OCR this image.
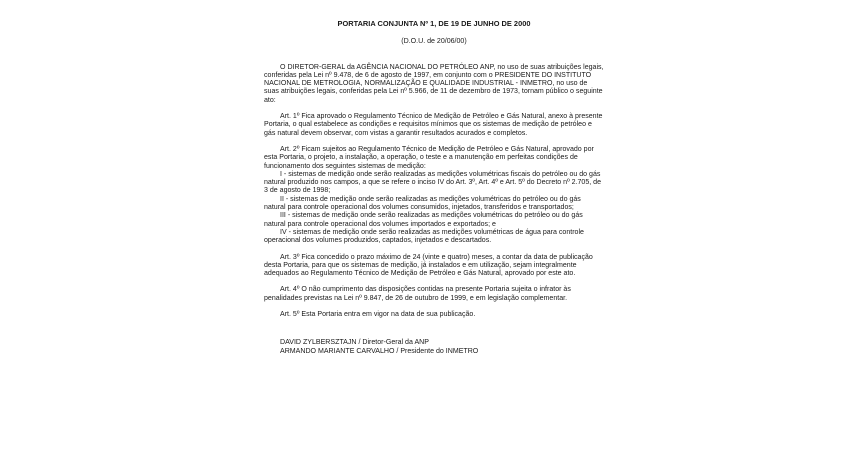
PORTARIA CONJUNTA Nº 1, DE 19 DE JUNHO DE 2000

(D.O.U. de 20/06/00)

O DIRETOR-GERAL da AGÊNCIA NACIONAL DO PETRÓLEO ANP, no uso de suas atribuições legais, conferidas pela Lei nº 9.478, de 6 de agosto de 1997, em conjunto com o PRESIDENTE DO INSTITUTO NACIONAL DE METROLOGIA, NORMALIZAÇÃO E QUALIDADE INDUSTRIAL - INMETRO, no uso de suas atribuições legais, conferidas pela Lei nº 5.966, de 11 de dezembro de 1973, tornam público o seguinte ato:

Art. 1º Fica aprovado o Regulamento Técnico de Medição de Petróleo e Gás Natural, anexo à presente Portaria, o qual estabelece as condições e requisitos mínimos que os sistemas de medição de petróleo e gás natural devem observar, com vistas a garantir resultados acurados e completos.

Art. 2º Ficam sujeitos ao Regulamento Técnico de Medição de Petróleo e Gás Natural, aprovado por esta Portaria, o projeto, a instalação, a operação, o teste e a manutenção em perfeitas condições de funcionamento dos seguintes sistemas de medição:

I - sistemas de medição onde serão realizadas as medições volumétricas fiscais do petróleo ou do gás natural produzido nos campos, a que se refere o inciso IV do Art. 3º, Art. 4º e Art. 5º do Decreto nº 2.705, de 3 de agosto de 1998;

II - sistemas de medição onde serão realizadas as medições volumétricas do petróleo ou do gás natural para controle operacional dos volumes consumidos, injetados, transferidos e transportados;

III - sistemas de medição onde serão realizadas as medições volumétricas do petróleo ou do gás natural para controle operacional dos volumes importados e exportados; e

IV - sistemas de medição onde serão realizadas as medições volumétricas de água para controle operacional dos volumes produzidos, captados, injetados e descartados.

Art. 3º Fica concedido o prazo máximo de 24 (vinte e quatro) meses, a contar da data de publicação desta Portaria, para que os sistemas de medição, já instalados e em utilização, sejam integralmente adequados ao Regulamento Técnico de Medição de Petróleo e Gás Natural, aprovado por este ato.

Art. 4º O não cumprimento das disposições contidas na presente Portaria sujeita o infrator às penalidades previstas na Lei nº 9.847, de 26 de outubro de 1999, e em legislação complementar.

Art. 5º Esta Portaria entra em vigor na data de sua publicação.

DAVID ZYLBERSZTAJN / Diretor-Geral da ANP

ARMANDO MARIANTE CARVALHO / Presidente do INMETRO
